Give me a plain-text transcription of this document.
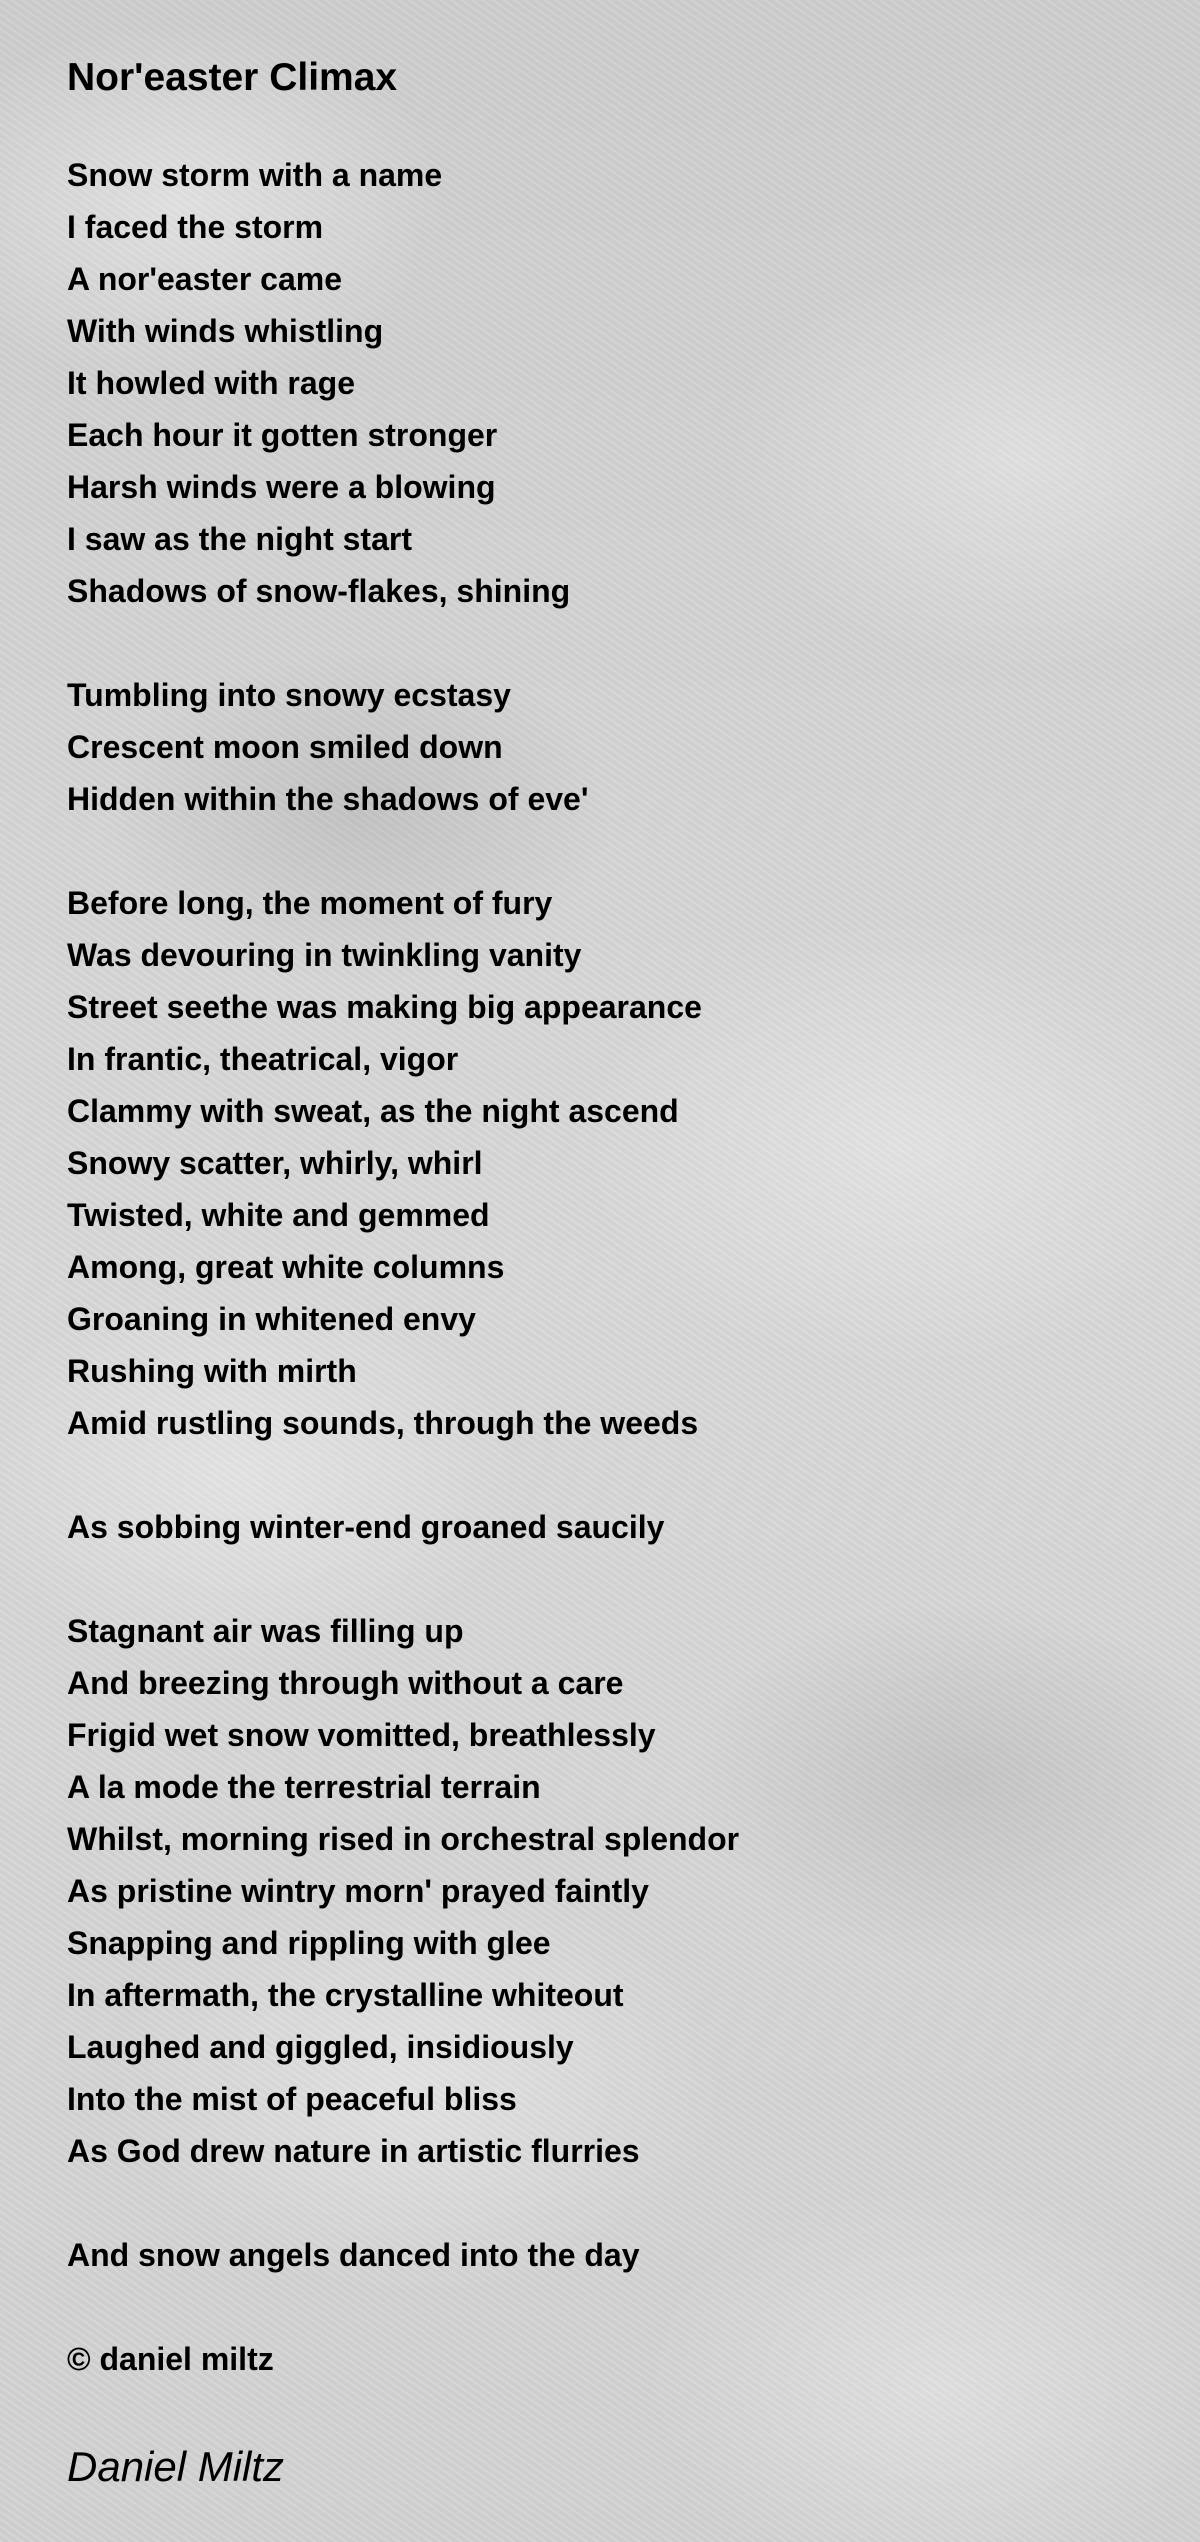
Nor'easter Climax
Snow storm with a name
I faced the storm
A nor'easter came
With winds whistling
It howled with rage
Each hour it gotten stronger
Harsh winds were a blowing
I saw as the night start
Shadows of snow-flakes, shining
Tumbling into snowy ecstasy
Crescent moon smiled down
Hidden within the shadows of eve'
Before long, the moment of fury
Was devouring in twinkling vanity
Street seethe was making big appearance
In frantic, theatrical, vigor
Clammy with sweat, as the night ascend
Snowy scatter, whirly, whirl
Twisted, white and gemmed
Among, great white columns
Groaning in whitened envy
Rushing with mirth
Amid rustling sounds, through the weeds
As sobbing winter-end groaned saucily
Stagnant air was filling up
And breezing through without a care
Frigid wet snow vomitted, breathlessly
A la mode the terrestrial terrain
Whilst, morning rised in orchestral splendor
As pristine wintry morn' prayed faintly
Snapping and rippling with glee
In aftermath, the crystalline whiteout
Laughed and giggled, insidiously
Into the mist of peaceful bliss
As God drew nature in artistic flurries
And snow angels danced into the day
© daniel miltz
Daniel Miltz
